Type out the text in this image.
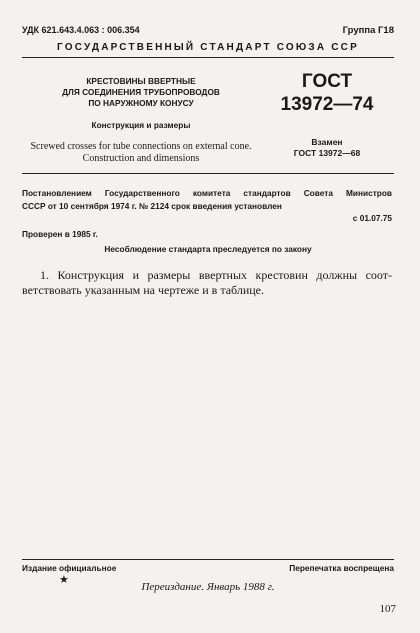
УДК 621.643.4.063 : 006.354	Группа Г18
ГОСУДАРСТВЕННЫЙ СТАНДАРТ СОЮЗА ССР
КРЕСТОВИНЫ ВВЕРТНЫЕ
ДЛЯ СОЕДИНЕНИЯ ТРУБОПРОВОДОВ
ПО НАРУЖНОМУ КОНУСУ
Конструкция и размеры
Screwed crosses for tube connections on external cone.
Construction and dimensions
ГОСТ
13972—74
Взамен
ГОСТ 13972—68
Постановлением Государственного комитета стандартов Совета Министров
СССР от 10 сентября 1974 г. № 2124 срок введения установлен
с 01.07.75
Проверен в 1985 г.
Несоблюдение стандарта преследуется по закону
1. Конструкция и размеры ввертных крестовин должны соот-
ветствовать указанным на чертеже и в таблице.
Издание официальное
★
Перепечатка воспрещена
Переиздание. Январь 1988 г.
107
